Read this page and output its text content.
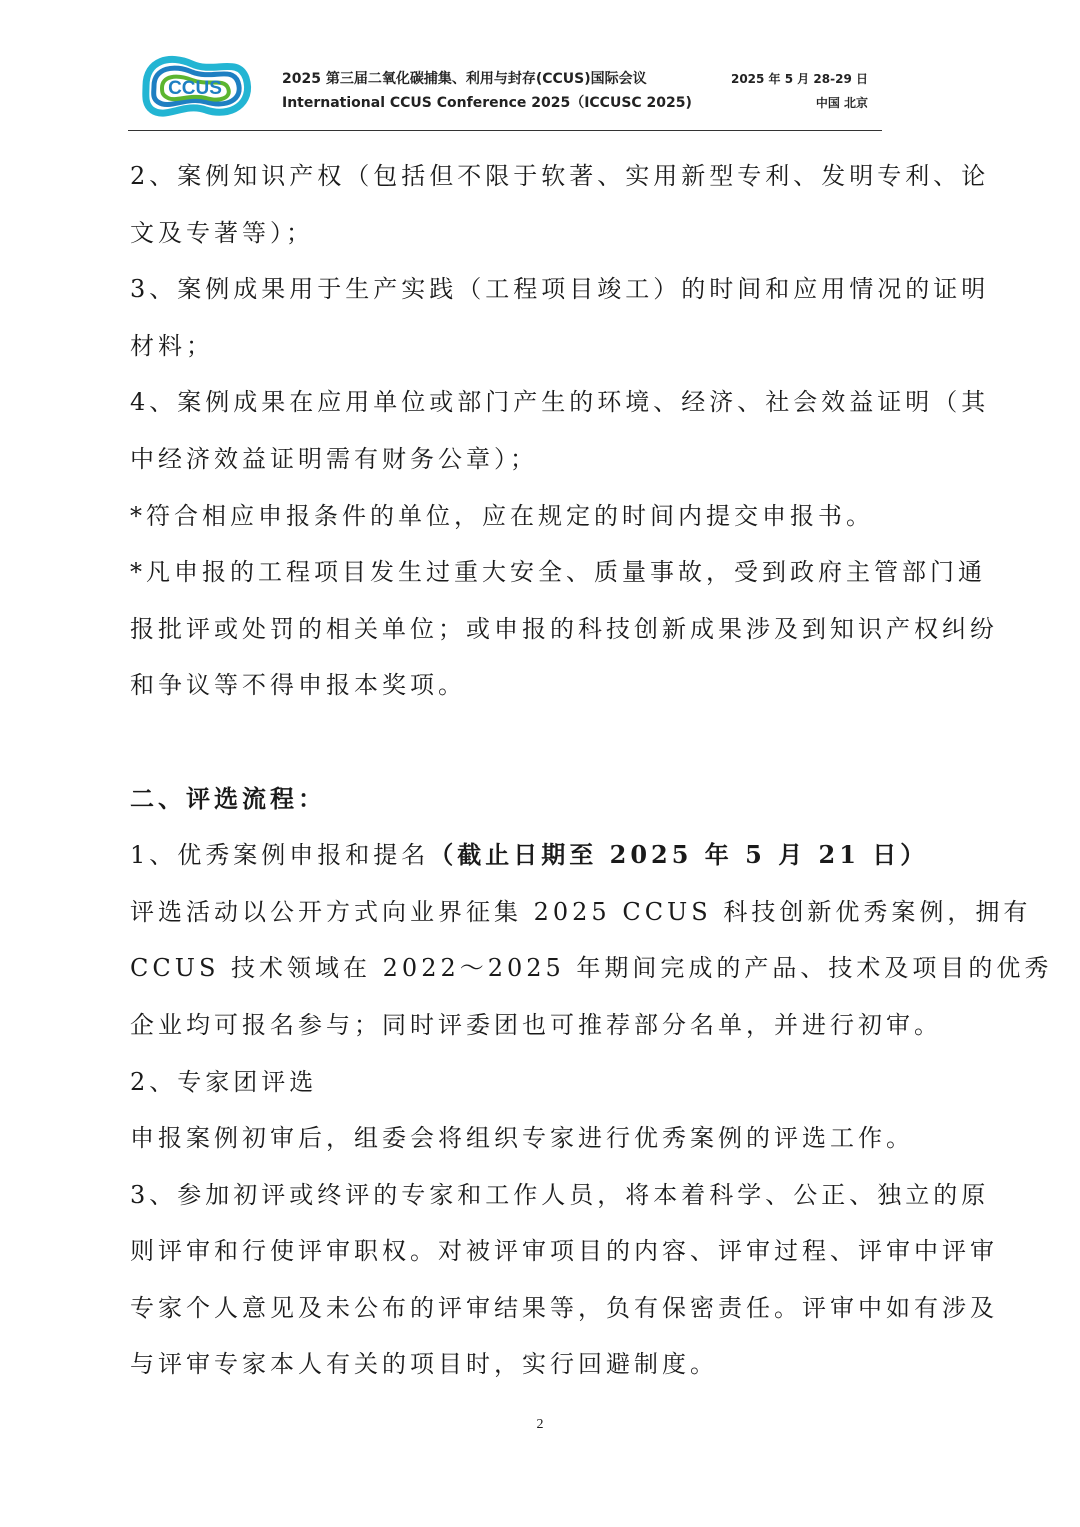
CCUS	2025 第三届二氧化碳捕集、利用与封存(CCUS)国际会议
International CCUS Conference 2025（ICCUSC 2025)
2025 年 5 月 28-29 日
中国 北京
2、案例知识产权（包括但不限于软著、实用新型专利、发明专利、论
文及专著等）；
3、案例成果用于生产实践（工程项目竣工）的时间和应用情况的证明
材料；
4、案例成果在应用单位或部门产生的环境、经济、社会效益证明（其
中经济效益证明需有财务公章）；
*符合相应申报条件的单位，应在规定的时间内提交申报书。
*凡申报的工程项目发生过重大安全、质量事故，受到政府主管部门通
报批评或处罚的相关单位；或申报的科技创新成果涉及到知识产权纠纷
和争议等不得申报本奖项。
二、评选流程：
1、优秀案例申报和提名（截止日期至 2025 年 5 月 21 日）
评选活动以公开方式向业界征集 2025 CCUS 科技创新优秀案例，拥有
CCUS 技术领域在 2022～2025 年期间完成的产品、技术及项目的优秀
企业均可报名参与；同时评委团也可推荐部分名单，并进行初审。
2、专家团评选
申报案例初审后，组委会将组织专家进行优秀案例的评选工作。
3、参加初评或终评的专家和工作人员，将本着科学、公正、独立的原
则评审和行使评审职权。对被评审项目的内容、评审过程、评审中评审
专家个人意见及未公布的评审结果等，负有保密责任。评审中如有涉及
与评审专家本人有关的项目时，实行回避制度。
2
